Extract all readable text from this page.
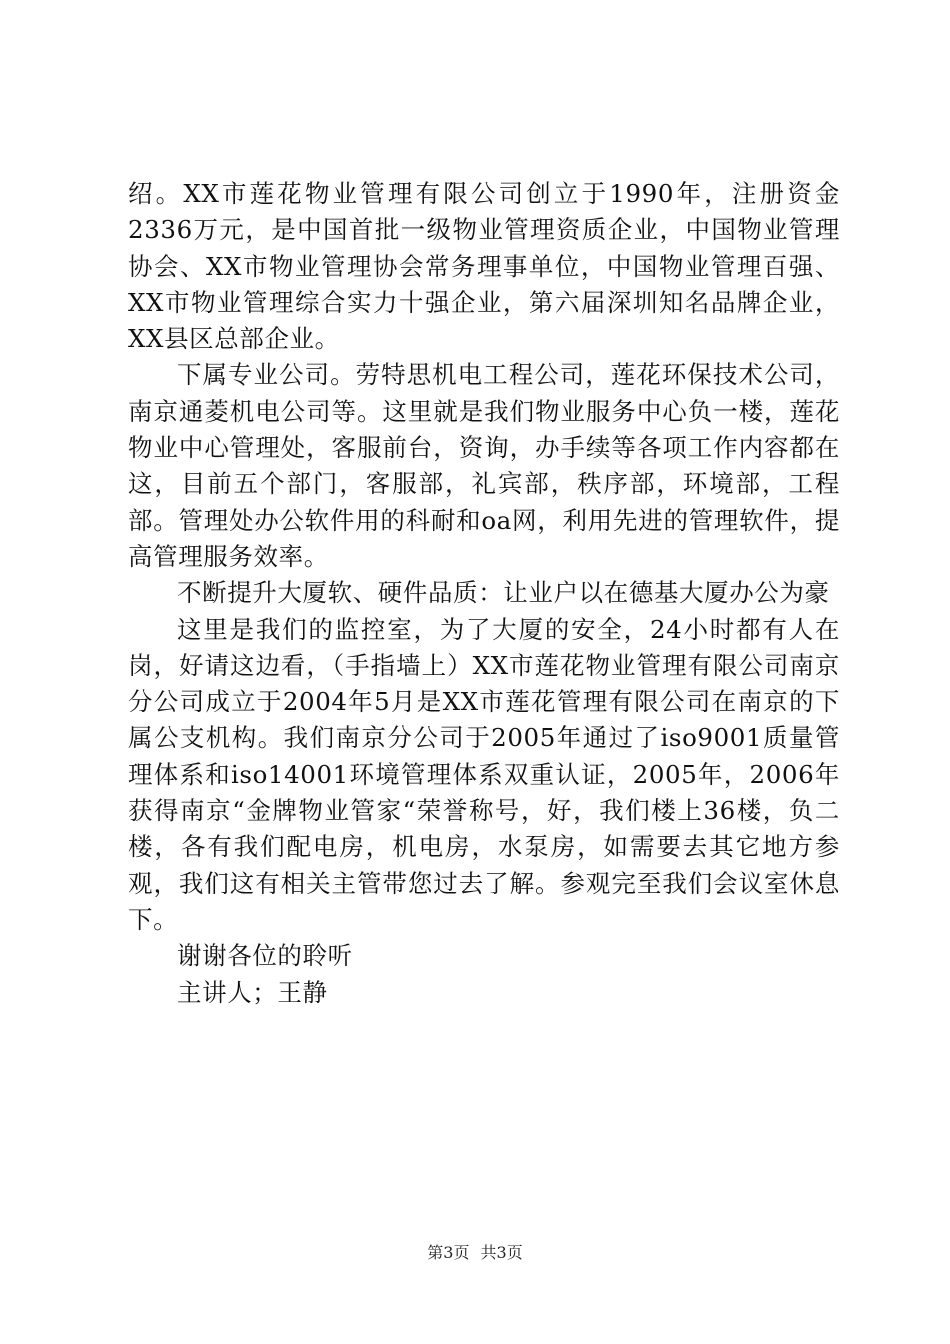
绍。XX市莲花物业管理有限公司创立于1990年，注册资金2336万元，是中国首批一级物业管理资质企业，中国物业管理协会、XX市物业管理协会常务理事单位，中国物业管理百强、XX市物业管理综合实力十强企业，第六届深圳知名品牌企业，XX县区总部企业。

下属专业公司。劳特思机电工程公司，莲花环保技术公司，南京通菱机电公司等。这里就是我们物业服务中心负一楼，莲花物业中心管理处，客服前台，资询，办手续等各项工作内容都在这，目前五个部门，客服部，礼宾部，秩序部，环境部，工程部。管理处办公软件用的科耐和oa网，利用先进的管理软件，提高管理服务效率。

不断提升大厦软、硬件品质：让业户以在德基大厦办公为豪

这里是我们的监控室，为了大厦的安全，24小时都有人在岗，好请这边看，（手指墙上）XX市莲花物业管理有限公司南京分公司成立于2004年5月是XX市莲花管理有限公司在南京的下属公支机构。我们南京分公司于2005年通过了iso9001质量管理体系和iso14001环境管理体系双重认证，2005年，2006年获得南京“金牌物业管家“荣誉称号，好，我们楼上36楼，负二楼，各有我们配电房，机电房，水泵房，如需要去其它地方参观，我们这有相关主管带您过去了解。参观完至我们会议室休息下。

谢谢各位的聆听

主讲人；王静

第3页 共3页
